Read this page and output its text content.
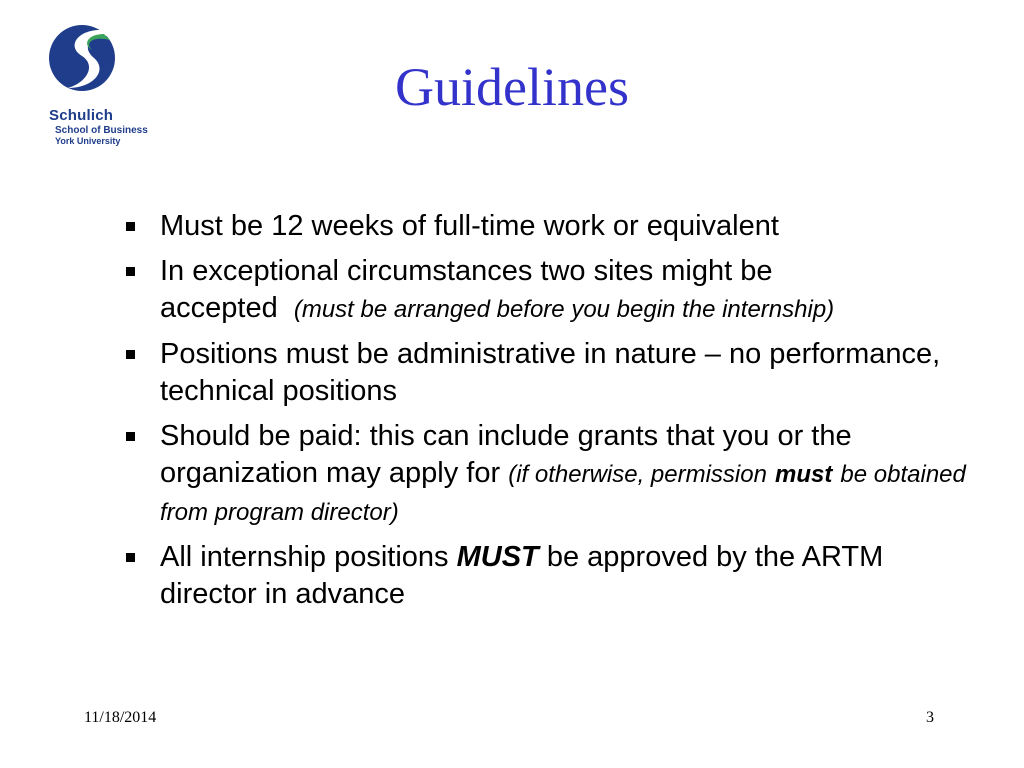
Schulich
School of Business
York University
Guidelines
Must be 12 weeks of full-time work or equivalent
In exceptional circumstances two sites might be accepted (must be arranged before you begin the internship)
Positions must be administrative in nature – no performance, technical positions
Should be paid: this can include grants that you or the organization may apply for (if otherwise, permission must be obtained from program director)
All internship positions MUST be approved by the ARTM director in advance
11/18/2014	3
